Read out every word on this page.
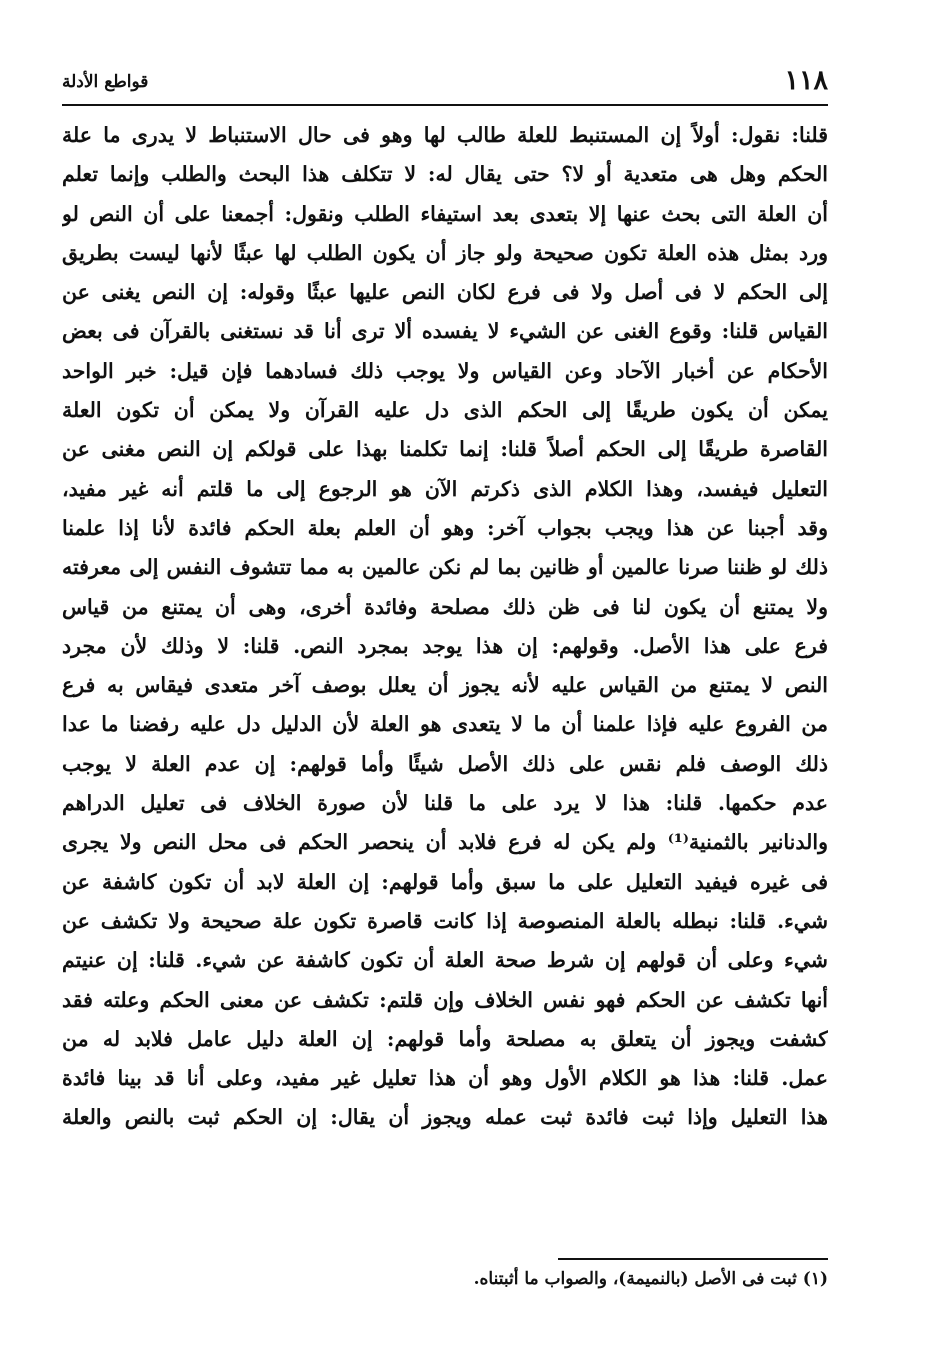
١١٨
قواطع الأدلة
قلنا: نقول: أولاً إن المستنبط للعلة طالب لها وهو فى حال الاستنباط لا يدرى ما علة
الحكم وهل هى متعدية أو لا؟ حتى يقال له: لا تتكلف هذا البحث والطلب وإنما تعلم
أن العلة التى بحث عنها إلا بتعدى بعد استيفاء الطلب ونقول: أجمعنا على أن النص لو
ورد بمثل هذه العلة تكون صحيحة ولو جاز أن يكون الطلب لها عبثًا لأنها ليست بطريق
إلى الحكم لا فى أصل ولا فى فرع لكان النص عليها عبثًا وقوله: إن النص يغنى عن
القياس قلنا: وقوع الغنى عن الشيء لا يفسده ألا ترى أنا قد نستغنى بالقرآن فى بعض
الأحكام عن أخبار الآحاد وعن القياس ولا يوجب ذلك فسادهما فإن قيل: خبر الواحد
يمكن أن يكون طريقًا إلى الحكم الذى دل عليه القرآن ولا يمكن أن تكون العلة
القاصرة طريقًا إلى الحكم أصلاً قلنا: إنما تكلمنا بهذا على قولكم إن النص مغنى عن
التعليل فيفسد، وهذا الكلام الذى ذكرتم الآن هو الرجوع إلى ما قلتم أنه غير مفيد،
وقد أجبنا عن هذا ويجب بجواب آخر: وهو أن العلم بعلة الحكم فائدة لأنا إذا علمنا
ذلك لو ظننا صرنا عالمين أو ظانين بما لم نكن عالمين به مما تتشوف النفس إلى معرفته
ولا يمتنع أن يكون لنا فى ظن ذلك مصلحة وفائدة أخرى، وهى أن يمتنع من قياس
فرع على هذا الأصل. وقولهم: إن هذا يوجد بمجرد النص. قلنا: لا وذلك لأن مجرد
النص لا يمتنع من القياس عليه لأنه يجوز أن يعلل بوصف آخر متعدى فيقاس به فرع
من الفروع عليه فإذا علمنا أن ما لا يتعدى هو العلة لأن الدليل دل عليه رفضنا ما عدا
ذلك الوصف فلم نقس على ذلك الأصل شيئًا وأما قولهم: إن عدم العلة لا يوجب
عدم حكمها. قلنا: هذا لا يرد على ما قلنا لأن صورة الخلاف فى تعليل الدراهم
والدنانير بالثمنية⁽¹⁾ ولم يكن له فرع فلابد أن ينحصر الحكم فى محل النص ولا يجرى
فى غيره فيفيد التعليل على ما سبق وأما قولهم: إن العلة لابد أن تكون كاشفة عن
شيء. قلنا: نبطله بالعلة المنصوصة إذا كانت قاصرة تكون علة صحيحة ولا تكشف عن
شيء وعلى أن قولهم إن شرط صحة العلة أن تكون كاشفة عن شيء. قلنا: إن عنيتم
أنها تكشف عن الحكم فهو نفس الخلاف وإن قلتم: تكشف عن معنى الحكم وعلته فقد
كشفت ويجوز أن يتعلق به مصلحة وأما قولهم: إن العلة دليل عامل فلابد له من
عمل. قلنا: هذا هو الكلام الأول وهو أن هذا تعليل غير مفيد، وعلى أنا قد بينا فائدة
هذا التعليل وإذا ثبت فائدة ثبت عمله ويجوز أن يقال: إن الحكم ثبت بالنص والعلة
(١) ثبت فى الأصل (بالنميمة)، والصواب ما أثبتناه.
